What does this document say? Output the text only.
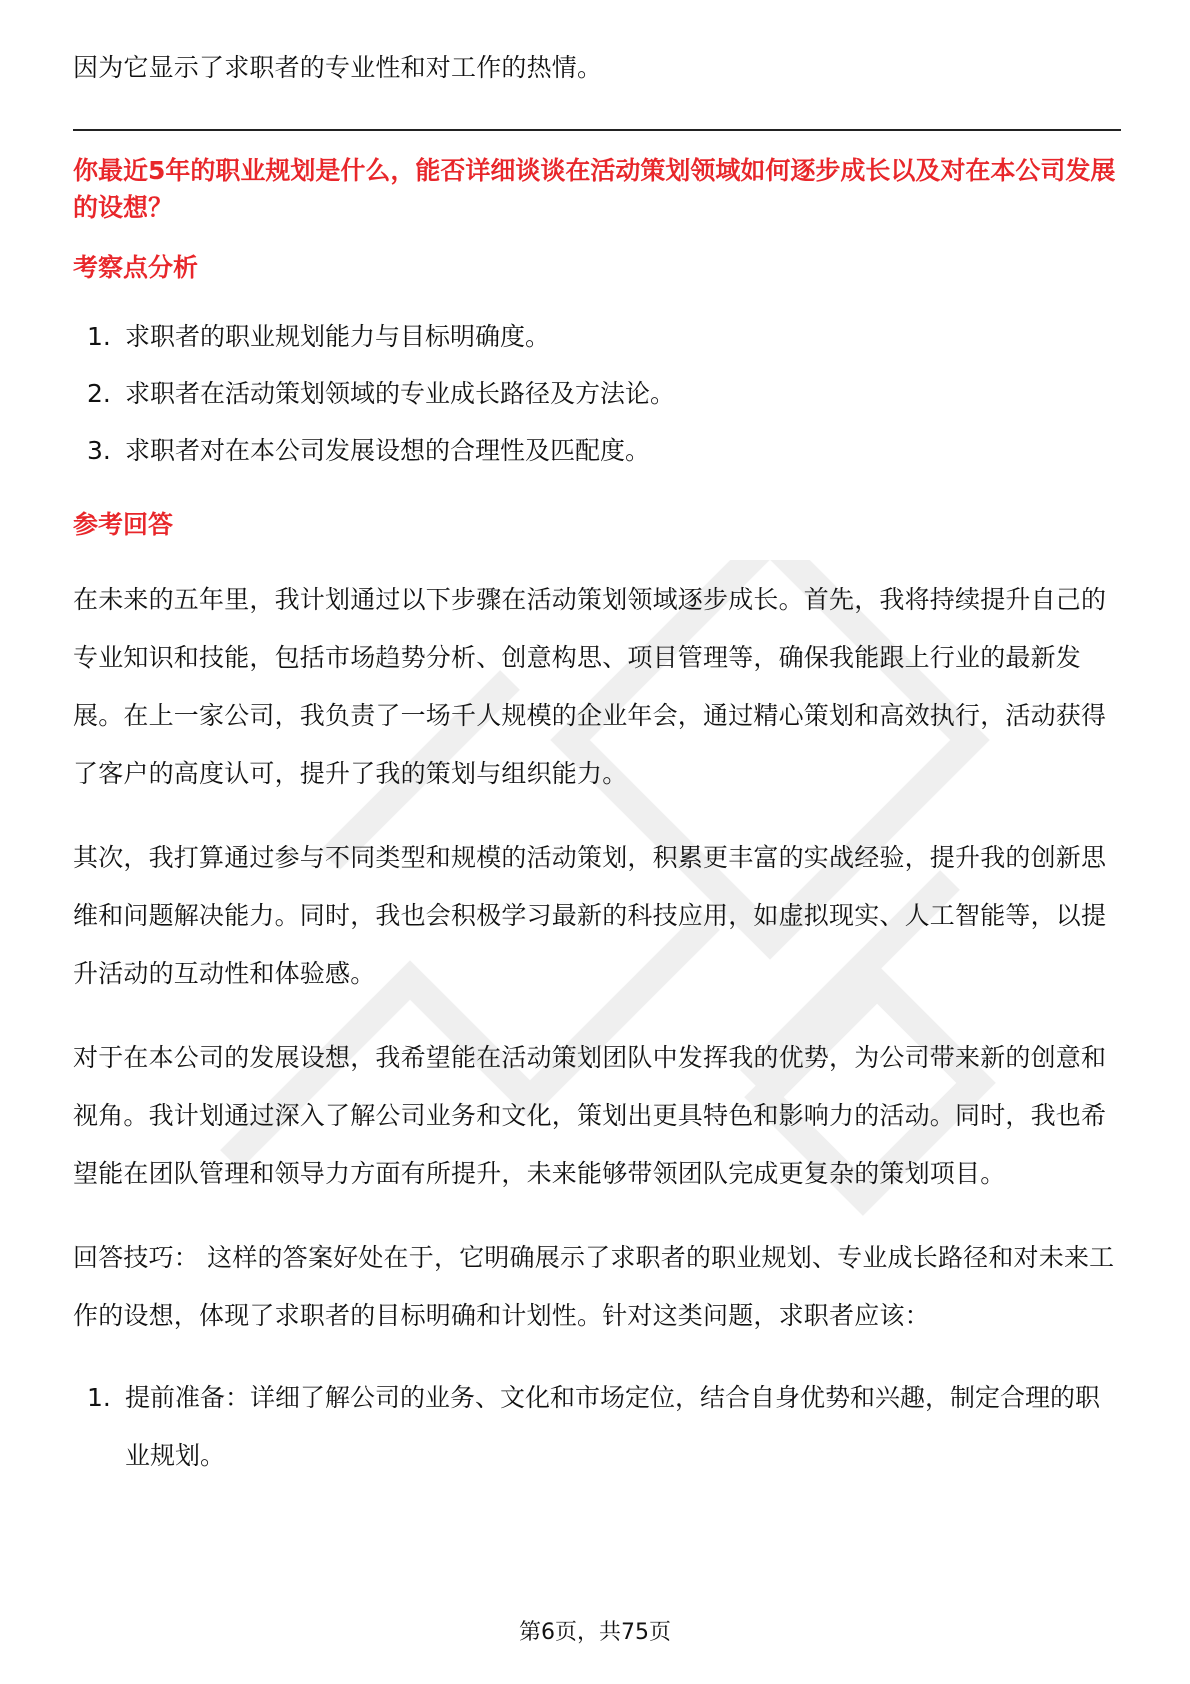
因为它显示了求职者的专业性和对工作的热情。

你最近5年的职业规划是什么，能否详细谈谈在活动策划领域如何逐步成长以及对在本公司发展的设想？

考察点分析
1. 求职者的职业规划能力与目标明确度。
2. 求职者在活动策划领域的专业成长路径及方法论。
3. 求职者对在本公司发展设想的合理性及匹配度。
参考回答

在未来的五年里，我计划通过以下步骤在活动策划领域逐步成长。首先，我将持续提升自己的专业知识和技能，包括市场趋势分析、创意构思、项目管理等，确保我能跟上行业的最新发展。在上一家公司，我负责了一场千人规模的企业年会，通过精心策划和高效执行，活动获得了客户的高度认可，提升了我的策划与组织能力。

其次，我打算通过参与不同类型和规模的活动策划，积累更丰富的实战经验，提升我的创新思维和问题解决能力。同时，我也会积极学习最新的科技应用，如虚拟现实、人工智能等，以提升活动的互动性和体验感。

对于在本公司的发展设想，我希望能在活动策划团队中发挥我的优势，为公司带来新的创意和视角。我计划通过深入了解公司业务和文化，策划出更具特色和影响力的活动。同时，我也希望能在团队管理和领导力方面有所提升，未来能够带领团队完成更复杂的策划项目。

回答技巧： 这样的答案好处在于，它明确展示了求职者的职业规划、专业成长路径和对未来工作的设想，体现了求职者的目标明确和计划性。针对这类问题，求职者应该：

1. 提前准备：详细了解公司的业务、文化和市场定位，结合自身优势和兴趣，制定合理的职业规划。
第6页，共75页
